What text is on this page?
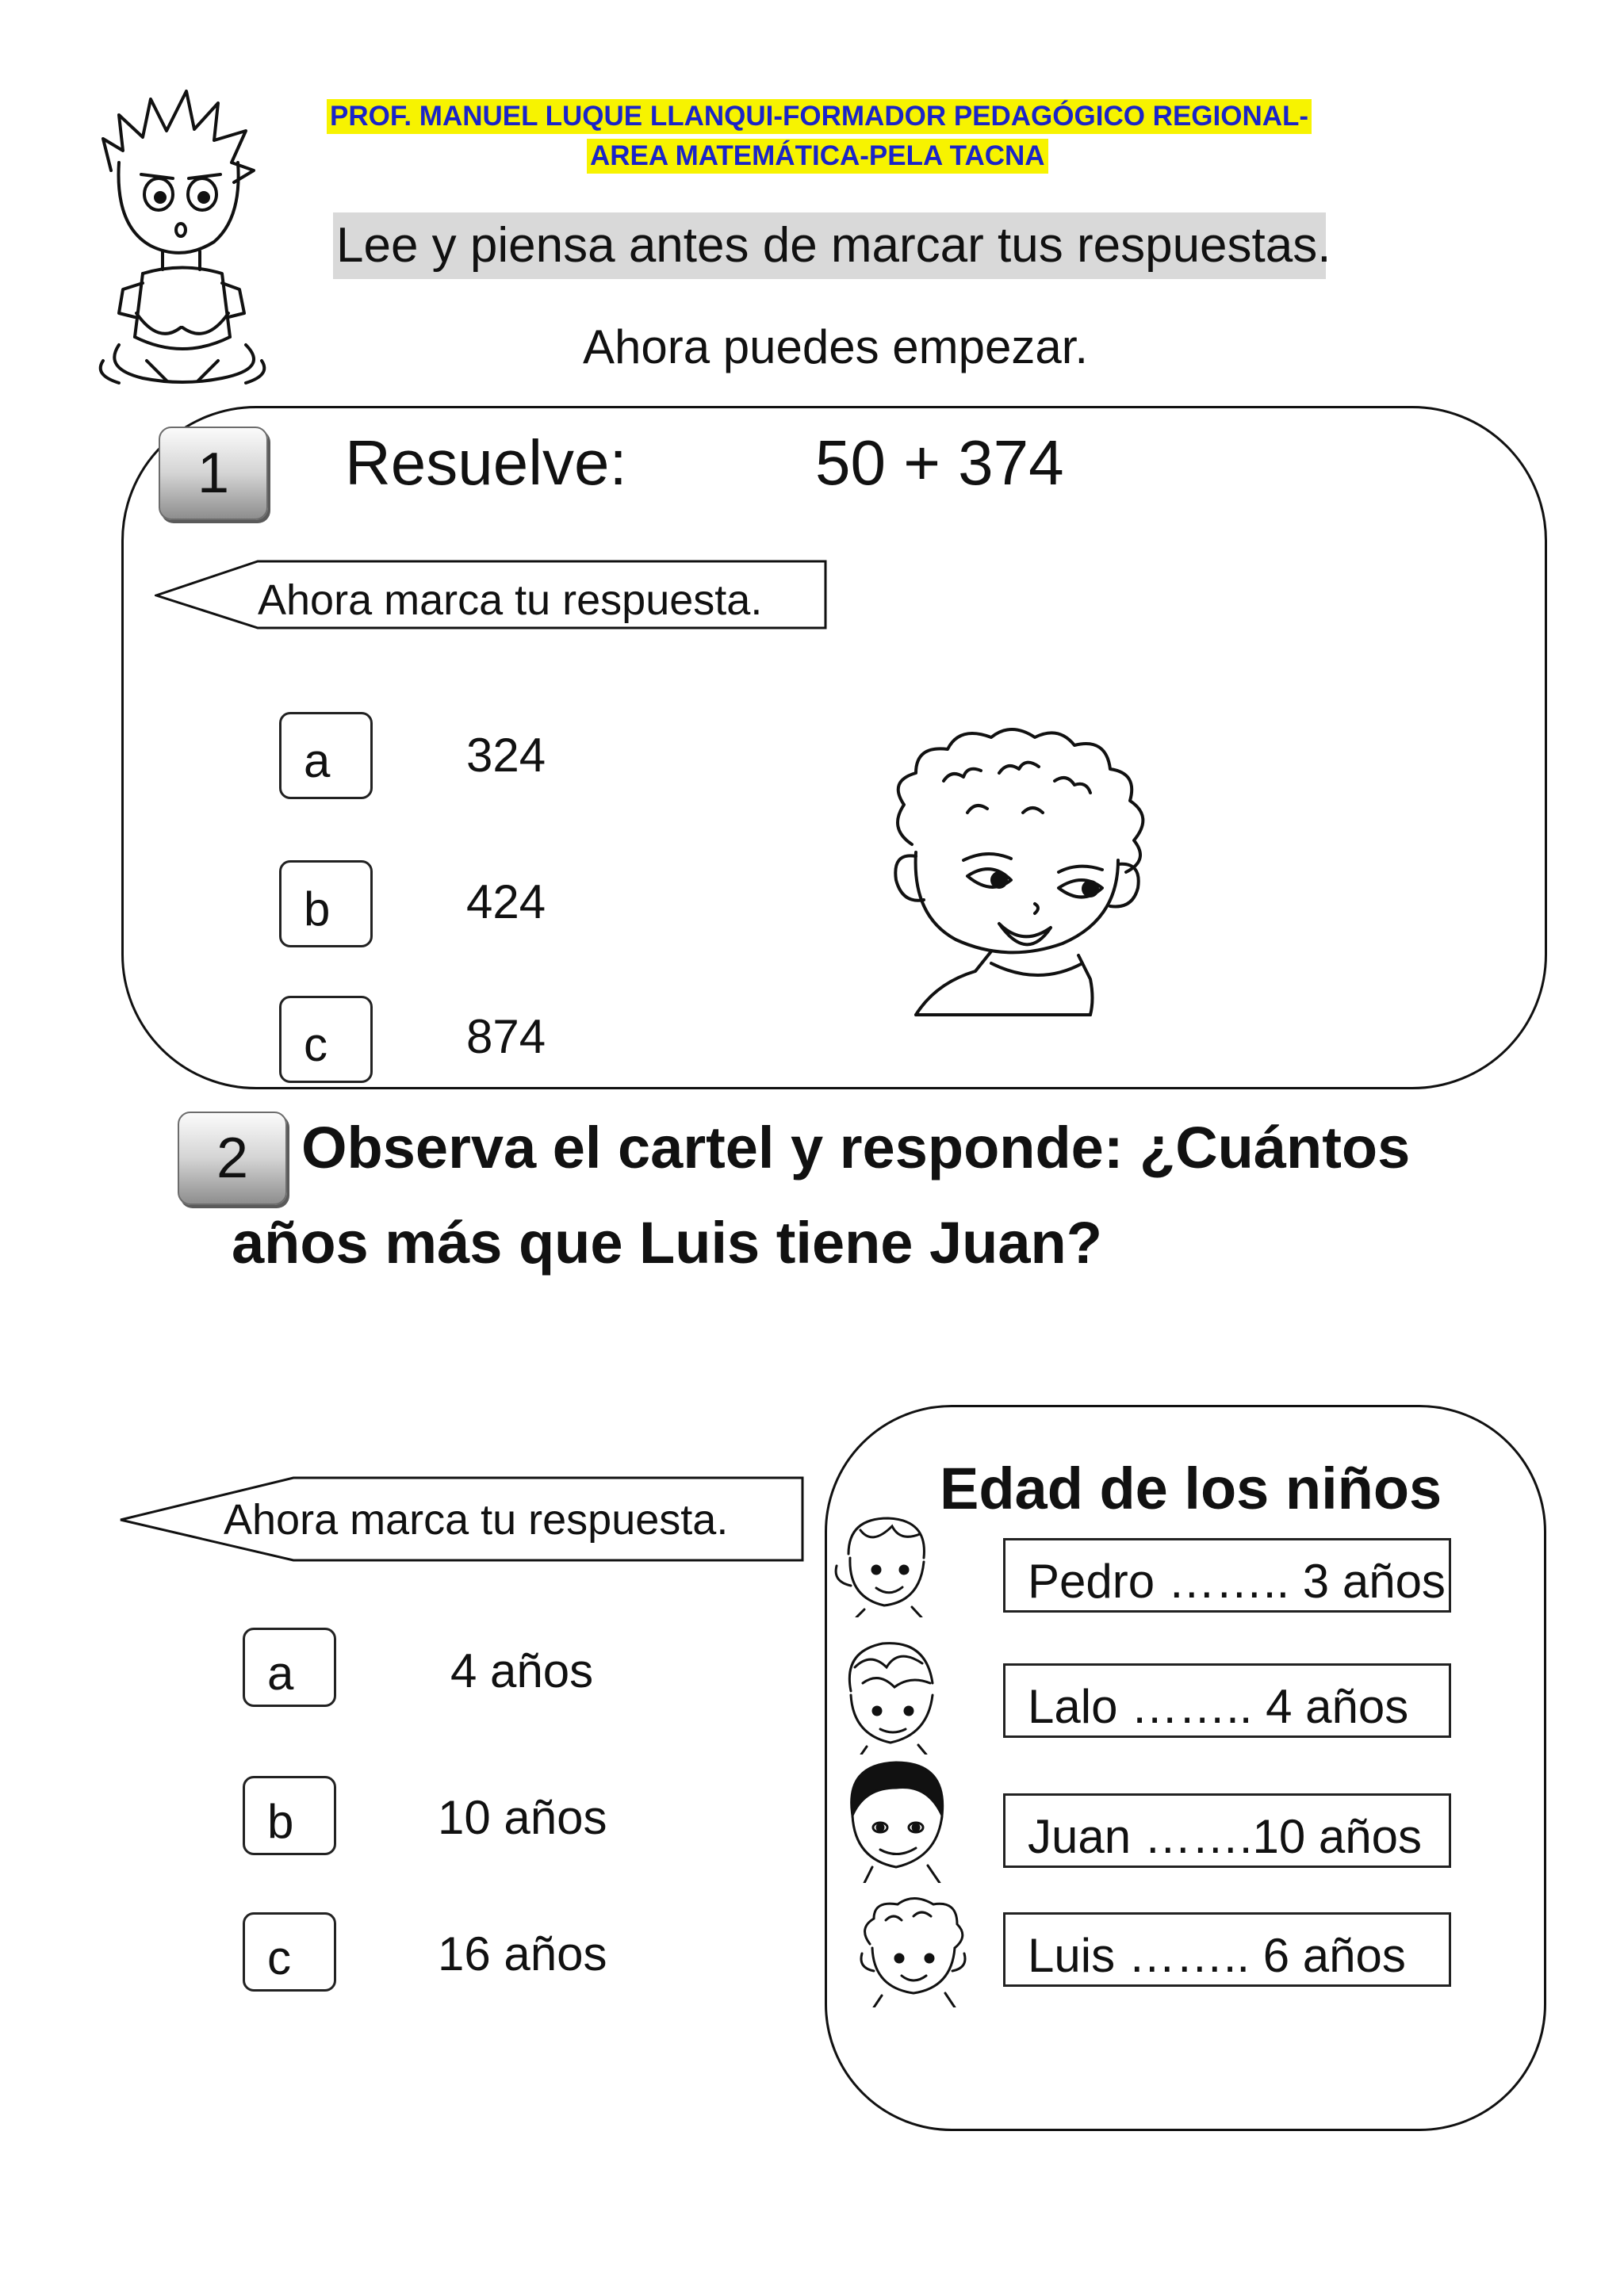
PROF. MANUEL LUQUE LLANQUI-FORMADOR PEDAGÓGICO REGIONAL-
AREA MATEMÁTICA-PELA TACNA
Lee y piensa antes de marcar tus respuestas.
Ahora puedes empezar.
1	Resuelve:	50 + 374
Ahora marca tu respuesta.
a	324
b	424
c	874
2 Observa el cartel y responde: ¿Cuántos
años más que Luis tiene Juan?
Ahora marca tu respuesta.
a	4 años
b	10 años
c	16 años
Edad de los niños
Pedro …….. 3 años
Lalo …….. 4 años
Juan …….10 años
Luis …….. 6 años
